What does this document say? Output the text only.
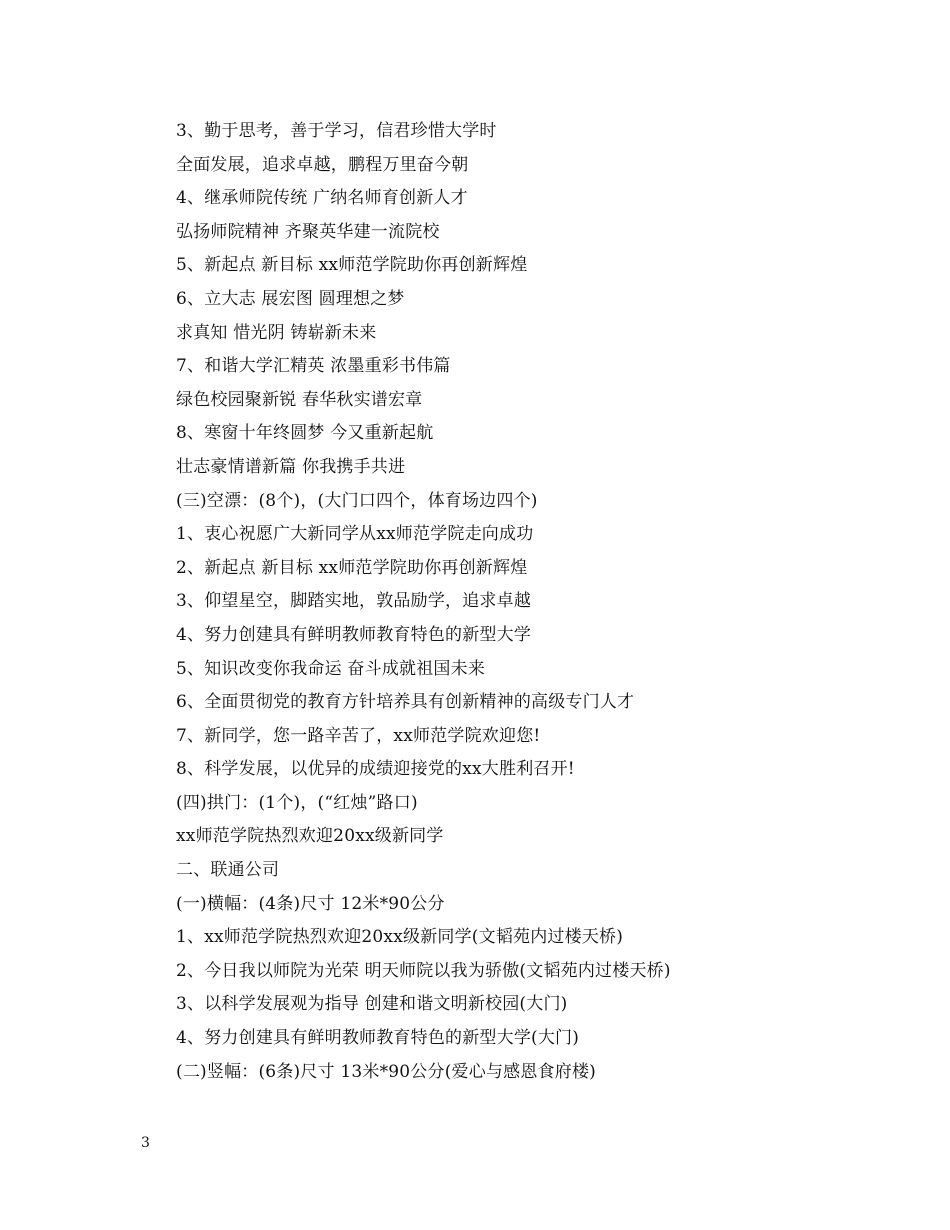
3、勤于思考，善于学习，信君珍惜大学时
全面发展，追求卓越，鹏程万里奋今朝
4、继承师院传统 广纳名师育创新人才
弘扬师院精神 齐聚英华建一流院校
5、新起点 新目标 xx师范学院助你再创新辉煌
6、立大志 展宏图 圆理想之梦
求真知 惜光阴 铸崭新未来
7、和谐大学汇精英 浓墨重彩书伟篇
绿色校园聚新锐 春华秋实谱宏章
8、寒窗十年终圆梦 今又重新起航
壮志豪情谱新篇 你我携手共进
(三)空漂：(8个)，(大门口四个，体育场边四个)
1、衷心祝愿广大新同学从xx师范学院走向成功
2、新起点 新目标 xx师范学院助你再创新辉煌
3、仰望星空，脚踏实地，敦品励学，追求卓越
4、努力创建具有鲜明教师教育特色的新型大学
5、知识改变你我命运 奋斗成就祖国未来
6、全面贯彻党的教育方针培养具有创新精神的高级专门人才
7、新同学，您一路辛苦了，xx师范学院欢迎您!
8、科学发展，以优异的成绩迎接党的xx大胜利召开!
(四)拱门：(1个)，(“红烛”路口)
xx师范学院热烈欢迎20xx级新同学
二、联通公司
(一)横幅：(4条)尺寸 12米*90公分
1、xx师范学院热烈欢迎20xx级新同学(文韬苑内过楼天桥)
2、今日我以师院为光荣 明天师院以我为骄傲(文韬苑内过楼天桥)
3、以科学发展观为指导 创建和谐文明新校园(大门)
4、努力创建具有鲜明教师教育特色的新型大学(大门)
(二)竖幅：(6条)尺寸 13米*90公分(爱心与感恩食府楼)
3
